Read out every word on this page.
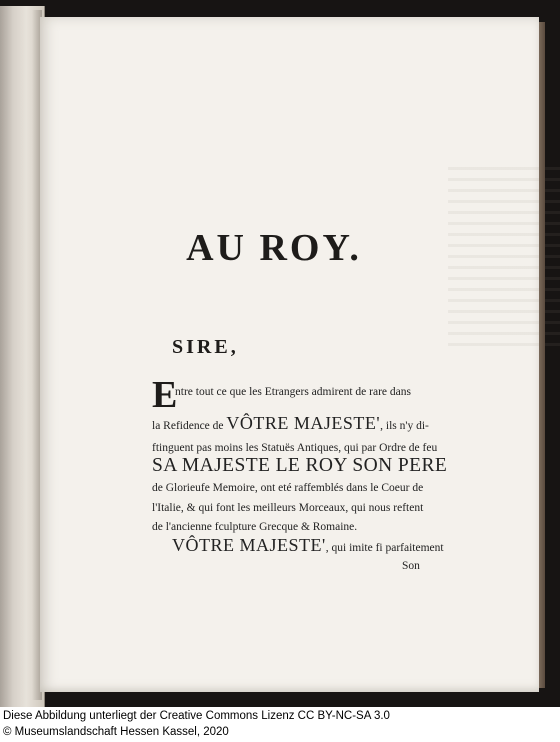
AU ROY.
SIRE,
E
ntre tout ce que les Etrangers admirent de rare dans
la Refidence de VÔTRE MAJESTE', ils n'y di-
ftinguent pas moins les Statuës Antiques, qui par Ordre de feu
SA MAJESTE LE ROY SON PERE
de Glorieufe Memoire, ont eté raffemblés dans le Coeur de
l'Italie, & qui font les meilleurs Morceaux, qui nous reftent
de l'ancienne fculpture Grecque & Romaine.
VÔTRE MAJESTE', qui imite fi parfaitement
Son
Diese Abbildung unterliegt der Creative Commons Lizenz CC BY-NC-SA 3.0
© Museumslandschaft Hessen Kassel, 2020
